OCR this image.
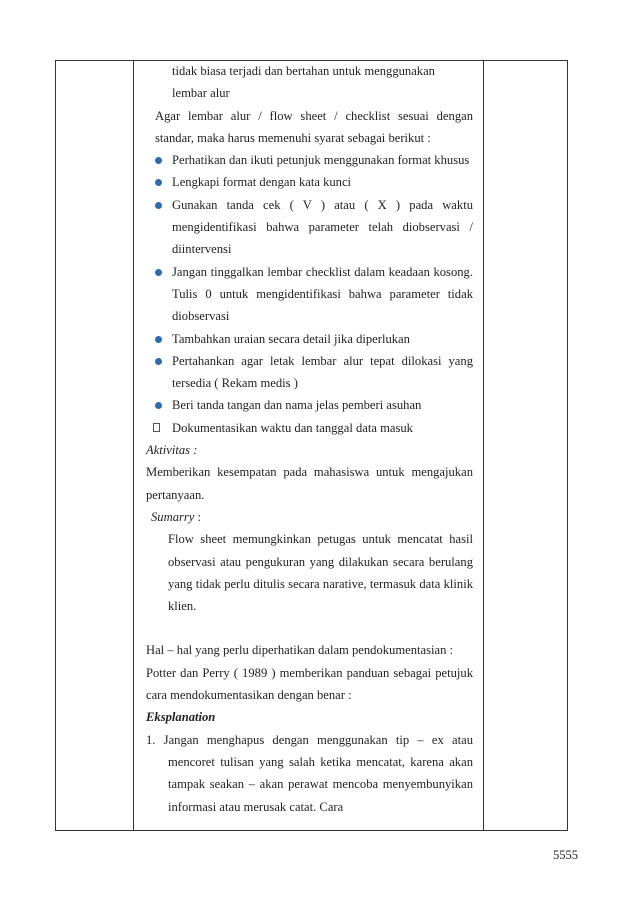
tidak biasa terjadi dan bertahan untuk menggunakan

lembar alur

Agar lembar alur / flow sheet / checklist sesuai dengan standar, maka harus memenuhi syarat sebagai berikut :

Perhatikan dan ikuti petunjuk menggunakan format khusus

Lengkapi format dengan kata kunci

Gunakan tanda cek ( V ) atau ( X ) pada waktu mengidentifikasi bahwa parameter telah diobservasi / diintervensi

Jangan tinggalkan lembar checklist dalam keadaan kosong. Tulis 0 untuk mengidentifikasi bahwa parameter tidak diobservasi

Tambahkan uraian secara detail jika diperlukan

Pertahankan agar letak lembar alur tepat dilokasi yang tersedia ( Rekam medis )

Beri tanda tangan dan nama jelas pemberi asuhan

Dokumentasikan waktu dan tanggal data masuk

Aktivitas :

Memberikan kesempatan pada mahasiswa untuk mengajukan pertanyaan.

Sumarry :

Flow sheet memungkinkan petugas untuk mencatat hasil observasi atau pengukuran yang dilakukan secara berulang yang tidak perlu ditulis secara narative, termasuk data klinik klien.

Hal – hal yang perlu diperhatikan dalam pendokumentasian :

Potter dan Perry ( 1989 ) memberikan panduan sebagai petujuk cara mendokumentasikan dengan benar :

Eksplanation

1. Jangan menghapus dengan menggunakan tip – ex atau mencoret tulisan yang salah ketika mencatat, karena akan tampak seakan – akan perawat mencoba menyembunyikan informasi atau merusak catat. Cara

5555
